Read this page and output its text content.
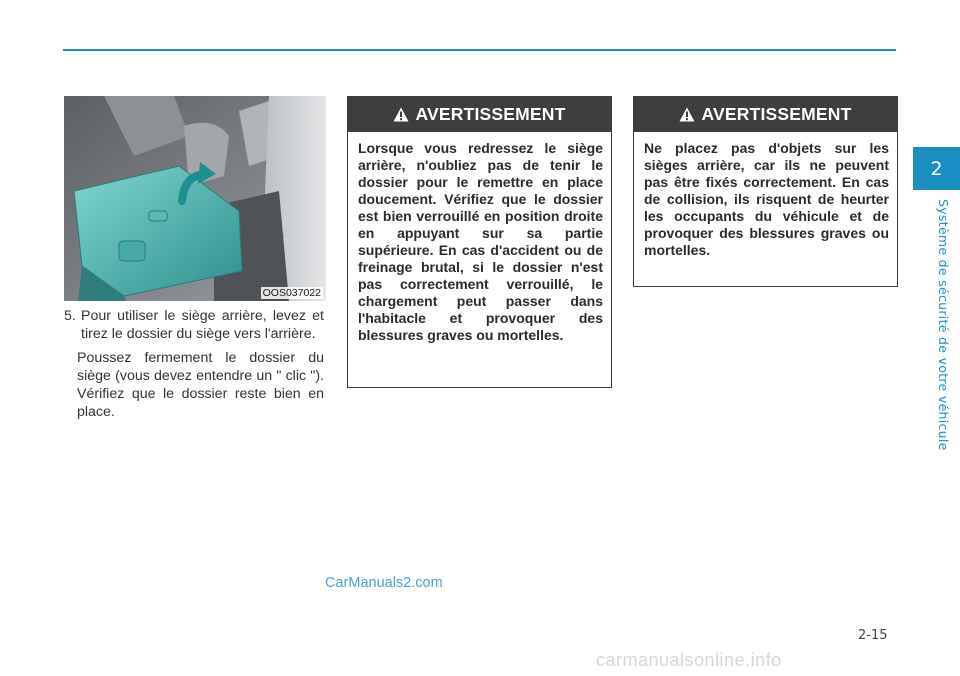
2
Système de sécurité de votre véhicule
OOS037022
5. Pour utiliser le siège arrière, levez et tirez le dossier du siège vers l'arrière.
Poussez fermement le dossier du siège (vous devez entendre un " clic "). Vérifiez que le dossier reste bien en place.
AVERTISSEMENT
Lorsque vous redressez le siège arrière, n'oubliez pas de tenir le dossier pour le remettre en place doucement. Vérifiez que le dossier est bien verrouillé en position droite en appuyant sur sa partie supérieure. En cas d'accident ou de freinage brutal, si le dossier n'est pas correctement verrouillé, le chargement peut passer dans l'habitacle et provoquer des blessures graves ou mortelles.
AVERTISSEMENT
Ne placez pas d'objets sur les sièges arrière, car ils ne peuvent pas être fixés correctement. En cas de collision, ils risquent de heurter les occupants du véhicule et de provoquer des blessures graves ou mortelles.
CarManuals2.com
2-15
carmanualsonline.info
